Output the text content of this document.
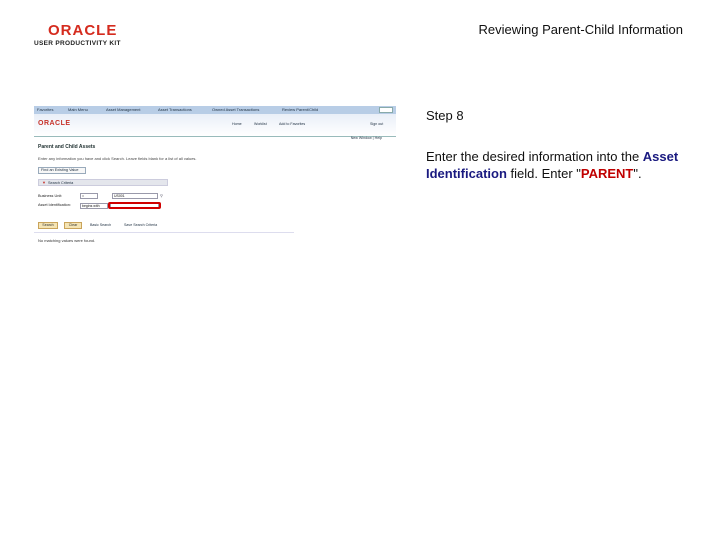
ORACLE
USER PRODUCTIVITY KIT
Reviewing Parent-Child Information
Favorites	Main Menu	Asset Management	Asset Transactions	Owned Asset Transactions	Review Parent/Child
ORACLE	Home	Worklist	Add to Favorites	Sign out
New Window | Help
Parent and Child Assets
Enter any information you have and click Search. Leave fields blank for a list of all values.
Find an Existing Value
▼ Search Criteria
Business Unit:	=	US001	⚲
Asset Identification:	begins with
Search	Clear	Basic Search	Save Search Criteria
No matching values were found.
Step 8
Enter the desired information into the Asset Identification field. Enter "PARENT".
